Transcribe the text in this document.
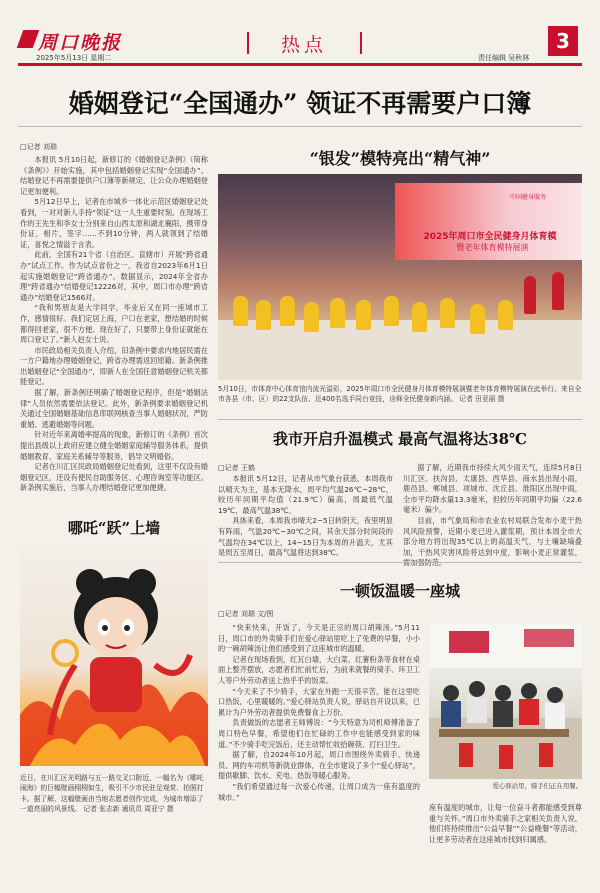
周口晚报
2025年5月13日 星期二
热点	3
责任编辑 吴秋林
婚姻登记“全国通办” 领证不再需要户口簿
□记者 刘瑞

本报讯 5月10日起，新修订的《婚姻登记条例》（简称《条例》）开始实施，其中包括婚姻登记实现“全国通办”、结婚登记不再需要提供户口簿等新规定，让公众办理婚姻登记更加便利。

5月12日早上，记者在市城乡一体化示范区婚姻登记处看到，一对对新人手持“领证”这一人生重要时刻。在现场工作的王先生和李女士分别来自山西太原和湖北襄阳，携带身份证，相片，签字……不到10分钟，两人就领到了结婚证，喜悦之情溢于言表。

此前，全国有21个省（自治区、直辖市）开展“跨省通办”试点工作。作为试点省份之一，我省自2023年6月1日起实施婚姻登记“跨省通办”。数据显示，2024年全省办理“跨省通办”结婚登记12226对，其中，周口市办理“跨省通办”结婚登记1566对。

“我和男朋友是大学同学，毕业后又在同一座城市工作，感情很好。我们定居上海，户口在老家，想结婚的时候都得回老家，很不方便。现在好了，只要带上身份证就能在周口登记了。”新人赵女士说。

市民政局相关负责人介绍，旧条例中要求内地居民需在一方户籍地办理婚姻登记，跨省办理需返回原籍。新条例推出婚姻登记“全国通办”，即新人在全国任意婚姻登记机关都能登记。

据了解，新条例还明确了婚姻登记程序，但是“婚姻法律”人员依然需要依法登记。此外，新条例要求婚姻登记机关通过全国婚姻基础信息库联网核查当事人婚姻状况，严防重婚、逃避婚姻等问题。

针对近年来离婚率提高的现象，新修订的《条例》首次提出县级以上政府应建立健全婚姻家庭辅导服务体系，提供婚姻教育、家庭关系辅导等服务，倡导文明婚俗。

记者在川汇区民政局婚姻登记处看到，这里不仅设有婚姻登记区，还设有便民自助服务区、心理咨询室等功能区。新条例实施后，当事人办理结婚登记更加便捷。

“银发”模特亮出“精气神”
中国健身服务
2025年周口市全民健身月体育模
暨老年体育模特展演
5月10日，市体育中心体育馆内流光溢彩，2025年周口市全民健身月体育模特展演暨老年体育模特展演在此举行。来自全市各县（市、区）的22支队伍、近400名选手同台竞技，诠释全民健身新内涵。 记者 田亚丽 摄
我市开启升温模式 最高气温将达38℃
□记者 王鹤

本报讯 5月12日，记者从市气象台获悉，本周我市以晴天为主，基本无降水，周平均气温26℃~28℃，较历年同期平均值（21.9℃）偏高，周最低气温19℃，最高气温38℃。

具体来看，本周我市晴天2~5日转阴天，夜里明显有阵雨，气温20℃~30℃之间，其余天部分时间段的气温均在34℃以上，14~15日为本周的升温天，尤其是周五至周日，最高气温将达到38℃。

据了解，近期我市持续大风少雨天气，连续5月8日川汇区、扶沟县、太康县、西华县、商水县出现小雨，鹿邑县、郸城县、项城市、沈丘县、淮阳区出现中雨，全市平均降水量13.3毫米，但较历年同期平均偏（22.6毫米）偏少。

目前，市气象局和市农业农村局联合发布小麦干热风风险预警，近期小麦已进入灌浆期，预计本周全市大部分地方将出现35℃以上的高温天气，与土壤缺墒叠加，干热风灾害风险将达到中度，影响小麦正常灌浆，

哪吒“跃”上墙
近日，在川汇区光明路与五一路交叉口附近，一幅名为《哪吒闹海》的巨幅壁画栩栩如生，吸引不少市民驻足观赏、拍照打卡。据了解，这幅壁画由当地志愿者创作完成，为城市增添了一道亮丽的风景线。 记者 张志新 通讯员 周亚宁 摄
一顿饭温暖一座城
□记者 刘瑞 文/图

“快来快来，开饭了，今天是正宗的周口胡辣汤。”5月11日，周口市的外卖骑手们在爱心驿站里吃上了免费的早餐，小小的一碗胡辣汤让他们感受到了这座城市的温暖。

记者在现场看到，红瓦白墙，大白菜、红薯粉条等食材在桌面上整齐摆放，志愿者们忙前忙后，为前来就餐的骑手、环卫工人等户外劳动者送上热乎乎的饭菜。

“今天来了不少骑手，大家在外跑一天很辛苦，能在这里吃口热饭，心里暖暖的。”爱心驿站负责人说，驿站自开设以来，已累计为户外劳动者提供免费餐食上万份。

负责做饭的志愿者王师傅说：“今天特意为司机师傅准备了周口特色早餐，希望他们在忙碌的工作中也能感受到家的味道。”不少骑手吃完饭后，还主动帮忙收拾碗筷、打扫卫生。

据了解，自2024年10月起，周口市围绕外卖骑手、快递员、网约车司机等新就业群体，在全市建设了多个“爱心驿站”，提供歇脚、饮水、充电、热饭等暖心服务。

“我们希望通过每一次爱心传递，让周口成为一座有温度的城市。”

爱心驿站里，骑手们正在用餐。
座有温度的城市，让每一位奋斗者都能感受到尊重与关怀。”周口市外卖骑手之家相关负责人说，他们将持续推出“公益早餐”“公益晚餐”等活动，让更多劳动者在这座城市找到归属感。
